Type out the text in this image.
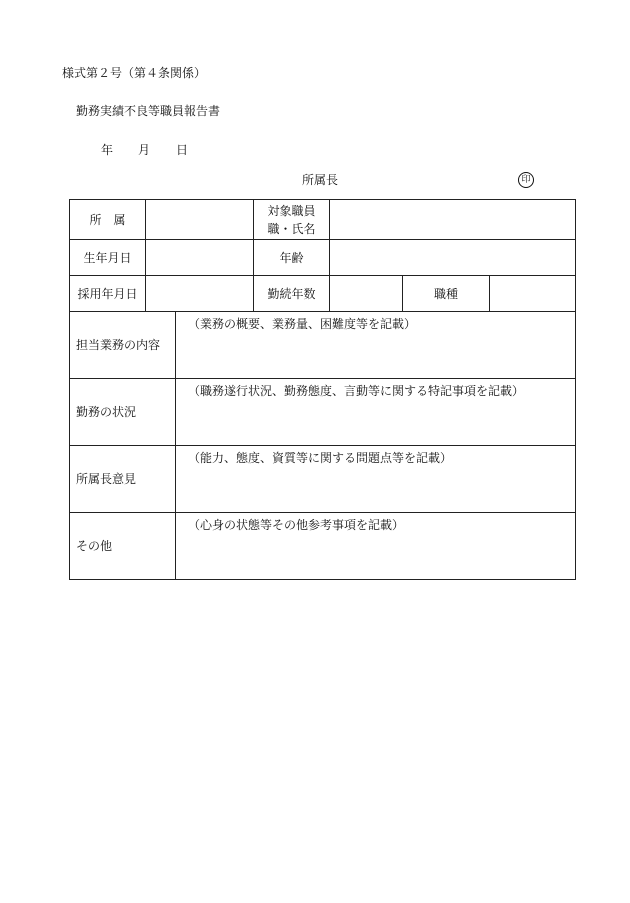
様式第２号（第４条関係）
勤務実績不良等職員報告書
年 月 日
所属長	印
所　属			対象職員
職・氏名			

生年月日			年齢			
採用年月日			勤続年数		職種	
担当業務の内容		（業務の概要、業務量、困難度等を記載）				
勤務の状況		（職務遂行状況、勤務態度、言動等に関する特記事項を記載）				
所属長意見		（能力、態度、資質等に関する問題点等を記載）				
その他		（心身の状態等その他参考事項を記載）				
